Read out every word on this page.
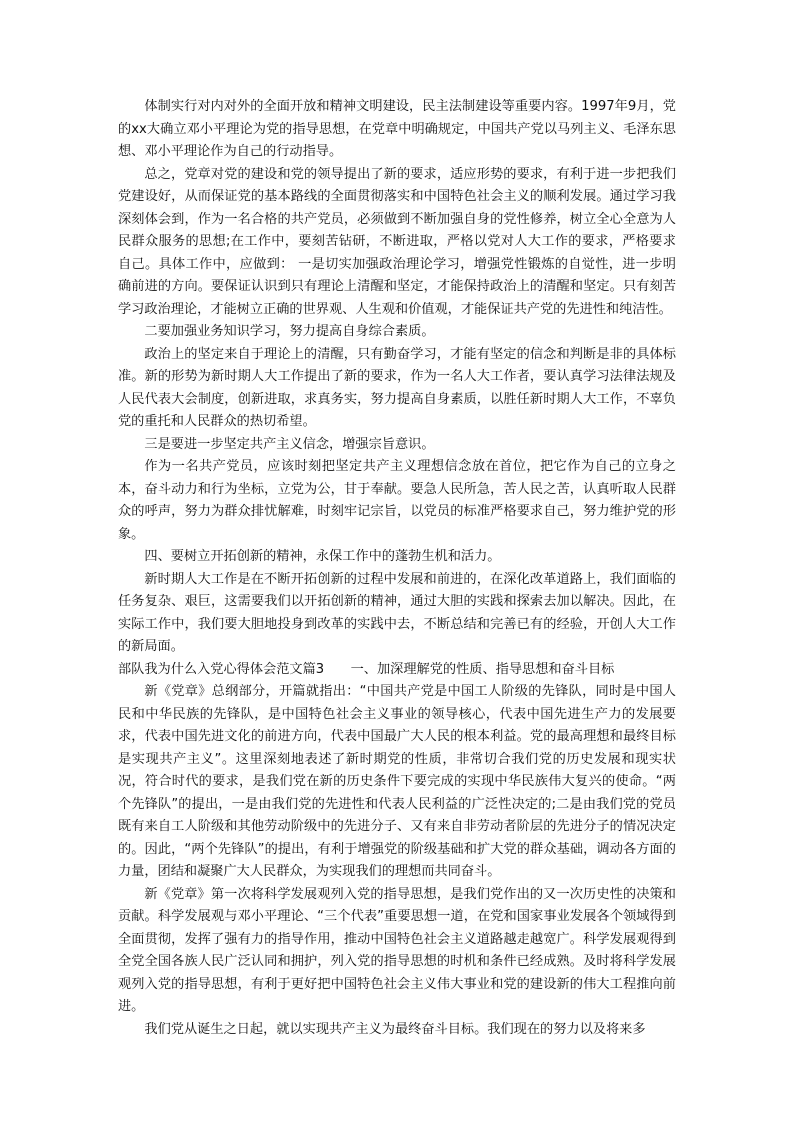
体制实行对内对外的全面开放和精神文明建设，民主法制建设等重要内容。1997年9月，党的xx大确立邓小平理论为党的指导思想，在党章中明确规定，中国共产党以马列主义、毛泽东思想、邓小平理论作为自己的行动指导。

总之，党章对党的建设和党的领导提出了新的要求，适应形势的要求，有利于进一步把我们党建设好，从而保证党的基本路线的全面贯彻落实和中国特色社会主义的顺利发展。通过学习我深刻体会到，作为一名合格的共产党员，必须做到不断加强自身的党性修养，树立全心全意为人民群众服务的思想;在工作中，要刻苦钻研，不断进取，严格以党对人大工作的要求，严格要求自己。具体工作中，应做到： 一是切实加强政治理论学习，增强党性锻炼的自觉性，进一步明确前进的方向。要保证认识到只有理论上清醒和坚定，才能保持政治上的清醒和坚定。只有刻苦学习政治理论，才能树立正确的世界观、人生观和价值观，才能保证共产党的先进性和纯洁性。

二要加强业务知识学习，努力提高自身综合素质。

政治上的坚定来自于理论上的清醒，只有勤奋学习，才能有坚定的信念和判断是非的具体标准。新的形势为新时期人大工作提出了新的要求，作为一名人大工作者，要认真学习法律法规及人民代表大会制度，创新进取，求真务实，努力提高自身素质，以胜任新时期人大工作，不辜负党的重托和人民群众的热切希望。

三是要进一步坚定共产主义信念，增强宗旨意识。

作为一名共产党员，应该时刻把坚定共产主义理想信念放在首位，把它作为自己的立身之本，奋斗动力和行为坐标，立党为公，甘于奉献。要急人民所急，苦人民之苦，认真听取人民群众的呼声，努力为群众排忧解难，时刻牢记宗旨，以党员的标准严格要求自己，努力维护党的形象。

四、要树立开拓创新的精神，永保工作中的蓬勃生机和活力。

新时期人大工作是在不断开拓创新的过程中发展和前进的，在深化改革道路上，我们面临的任务复杂、艰巨，这需要我们以开拓创新的精神，通过大胆的实践和探索去加以解决。因此，在实际工作中，我们要大胆地投身到改革的实践中去，不断总结和完善已有的经验，开创人大工作的新局面。

部队我为什么入党心得体会范文篇3　　一、加深理解党的性质、指导思想和奋斗目标

新《党章》总纲部分，开篇就指出：“中国共产党是中国工人阶级的先锋队，同时是中国人民和中华民族的先锋队，是中国特色社会主义事业的领导核心，代表中国先进生产力的发展要求，代表中国先进文化的前进方向，代表中国最广大人民的根本利益。党的最高理想和最终目标是实现共产主义”。这里深刻地表述了新时期党的性质，非常切合我们党的历史发展和现实状况，符合时代的要求，是我们党在新的历史条件下要完成的实现中华民族伟大复兴的使命。“两个先锋队”的提出，一是由我们党的先进性和代表人民利益的广泛性决定的;二是由我们党的党员既有来自工人阶级和其他劳动阶级中的先进分子、又有来自非劳动者阶层的先进分子的情况决定的。因此，“两个先锋队”的提出，有利于增强党的阶级基础和扩大党的群众基础，调动各方面的力量，团结和凝聚广大人民群众，为实现我们的理想而共同奋斗。

新《党章》第一次将科学发展观列入党的指导思想，是我们党作出的又一次历史性的决策和贡献。科学发展观与邓小平理论、“三个代表”重要思想一道，在党和国家事业发展各个领域得到全面贯彻，发挥了强有力的指导作用，推动中国特色社会主义道路越走越宽广。科学发展观得到全党全国各族人民广泛认同和拥护，列入党的指导思想的时机和条件已经成熟。及时将科学发展观列入党的指导思想，有利于更好把中国特色社会主义伟大事业和党的建设新的伟大工程推向前进。

我们党从诞生之日起，就以实现共产主义为最终奋斗目标。我们现在的努力以及将来多
